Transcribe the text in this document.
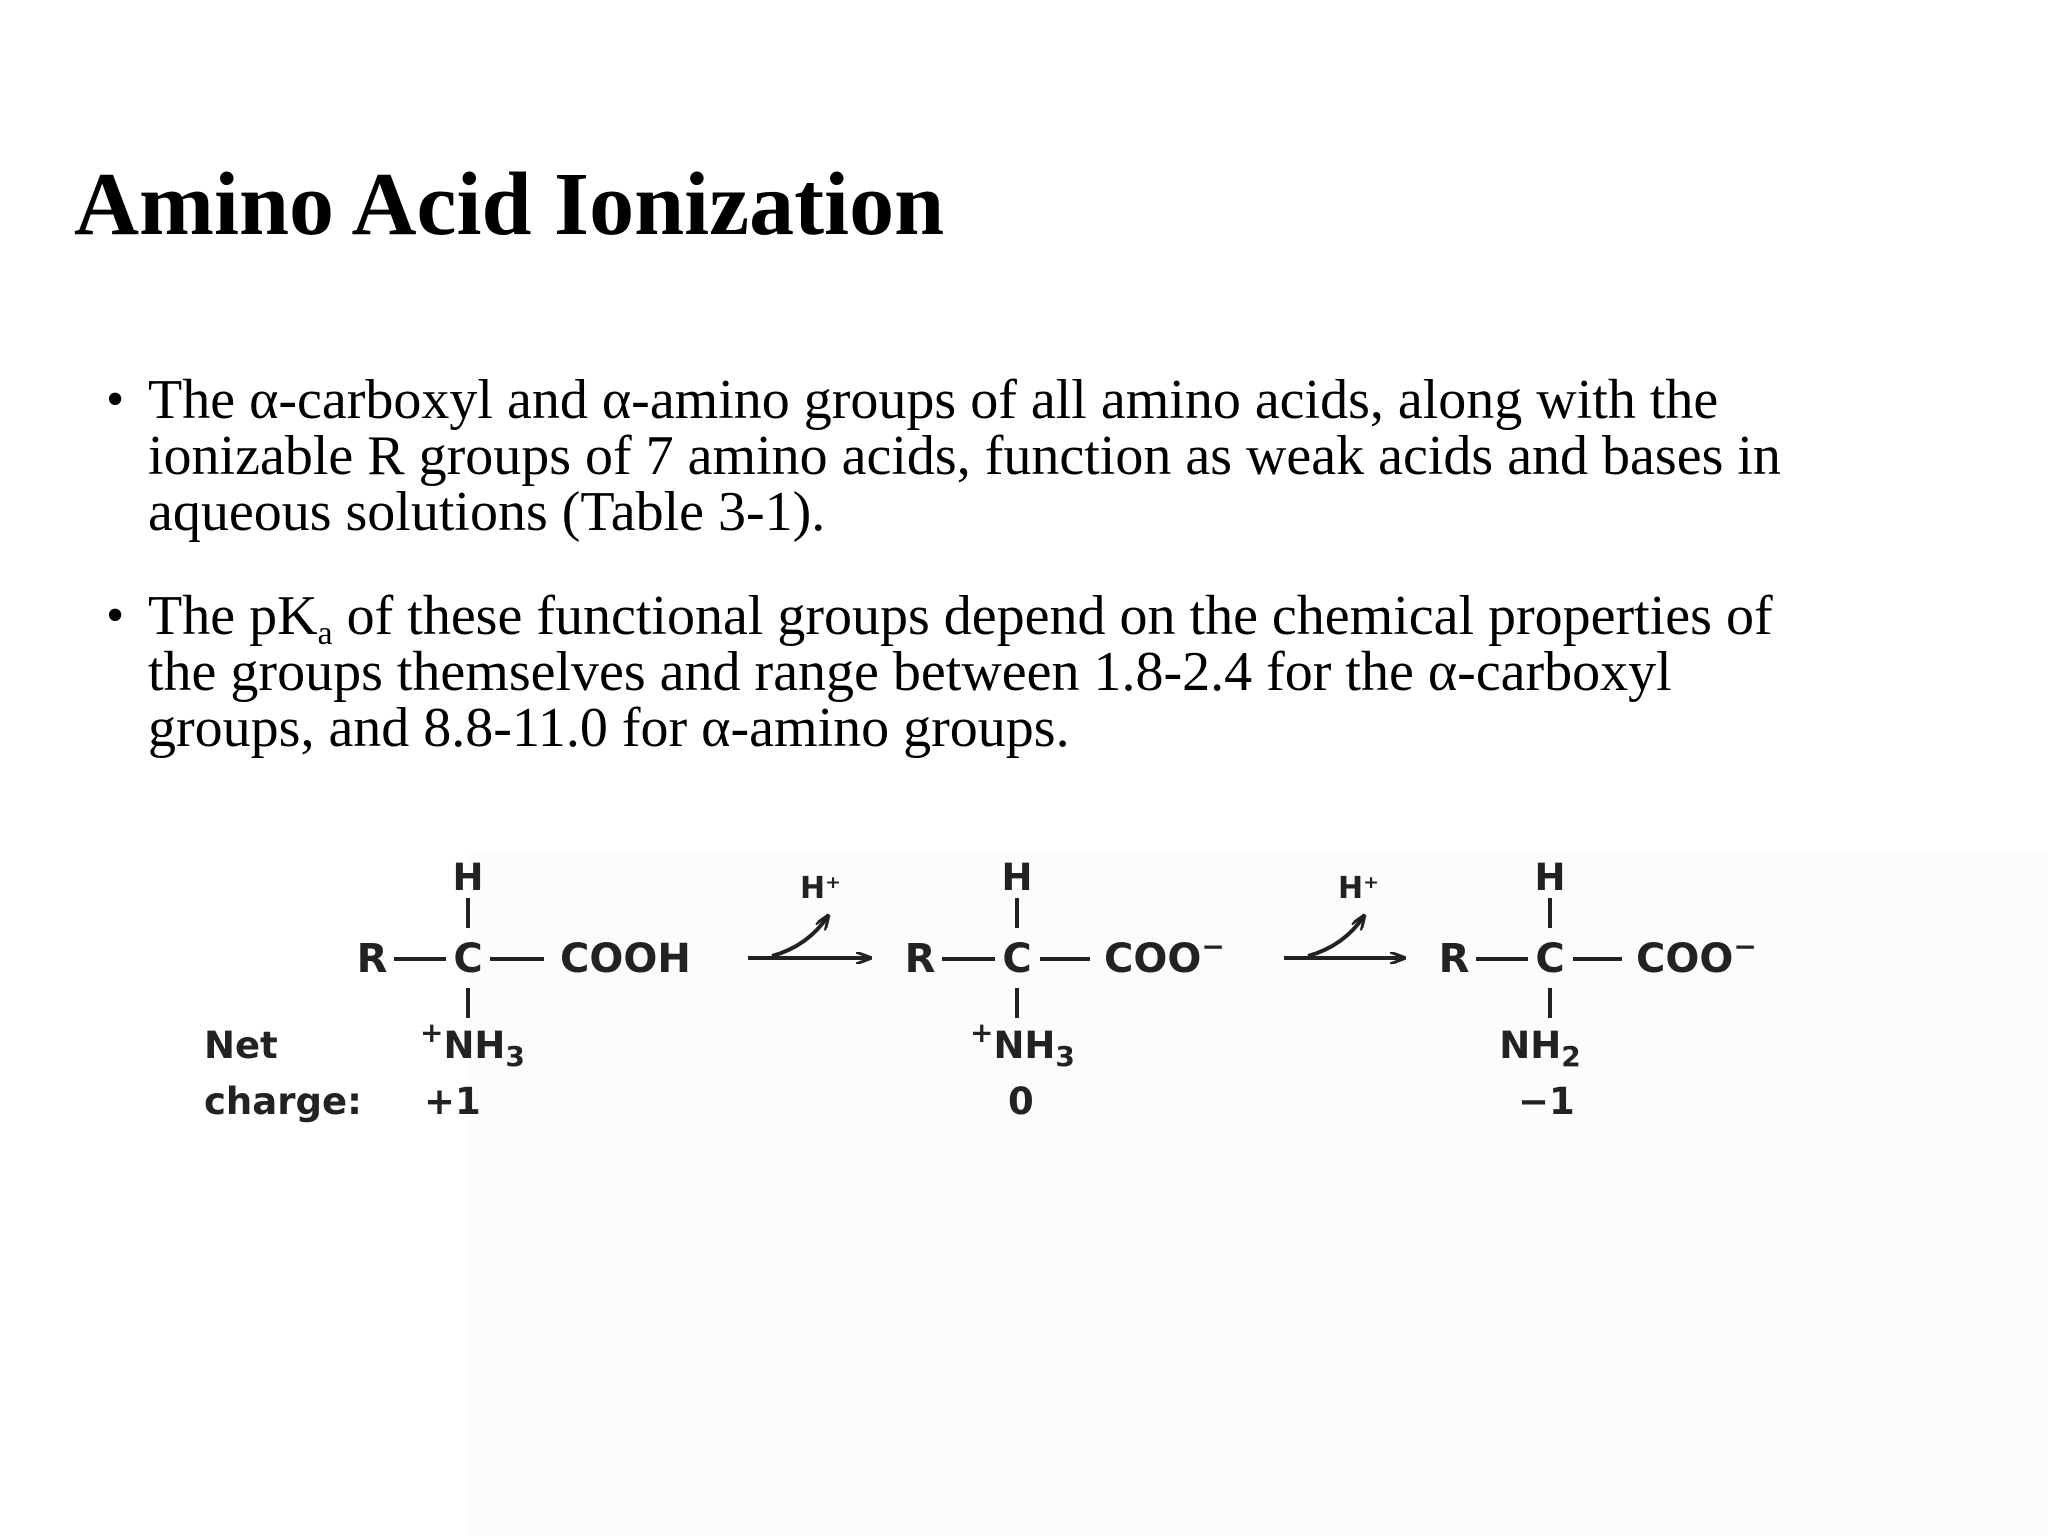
Amino Acid Ionization
• The α-carboxyl and α-amino groups of all amino acids, along with the
ionizable R groups of 7 amino acids, function as weak acids and bases in
aqueous solutions (Table 3-1).
• The $pK_a$ of these functional groups depend on the chemical properties of
the groups themselves and range between 1.8-2.4 for the α-carboxyl
groups, and 8.8-11.0 for α-amino groups.
Net
charge:
H
R C COOH
$^+NH_3$
+1
H⁺	H
R C COO−
$^+NH_3$
0
H⁺	H
R C COO−
$NH_2$
−1
